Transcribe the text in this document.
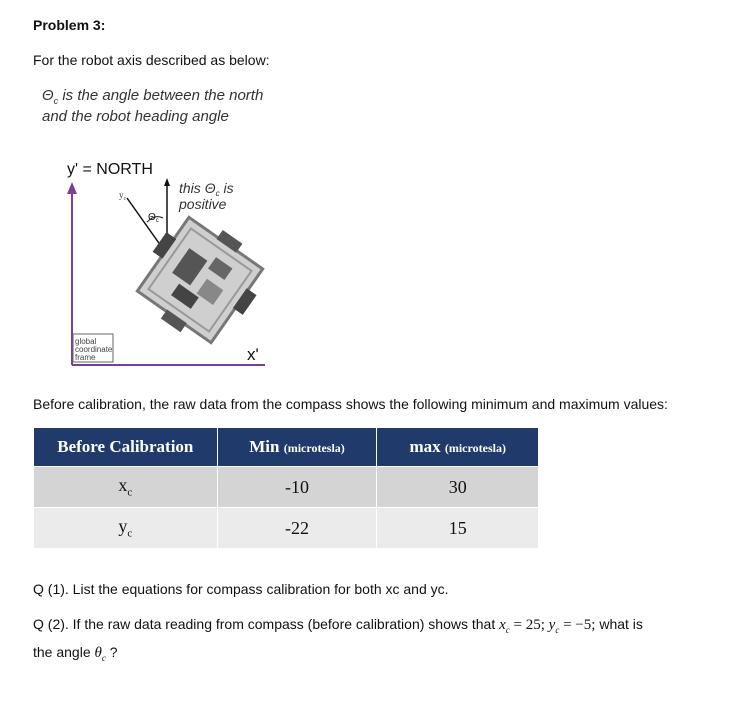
Problem 3:
For the robot axis described as below:
$\Theta_c$ is the angle between the north
and the robot heading angle
y' = NORTH
x'
global
coordinate
frame
$y_c$
$\Theta_c$
this $\Theta_c$ is
positive
Before calibration, the raw data from the compass shows the following minimum and maximum values:
Before Calibration	Min (microtesla)	max (microtesla)
$x_c$	-10	30
$y_c$	-22	15
Q (1). List the equations for compass calibration for both xc and yc.
Q (2). If the raw data reading from compass (before calibration) shows that $x_c = 25$; $y_c = -5$; what is
the angle $\theta_c$ ?
